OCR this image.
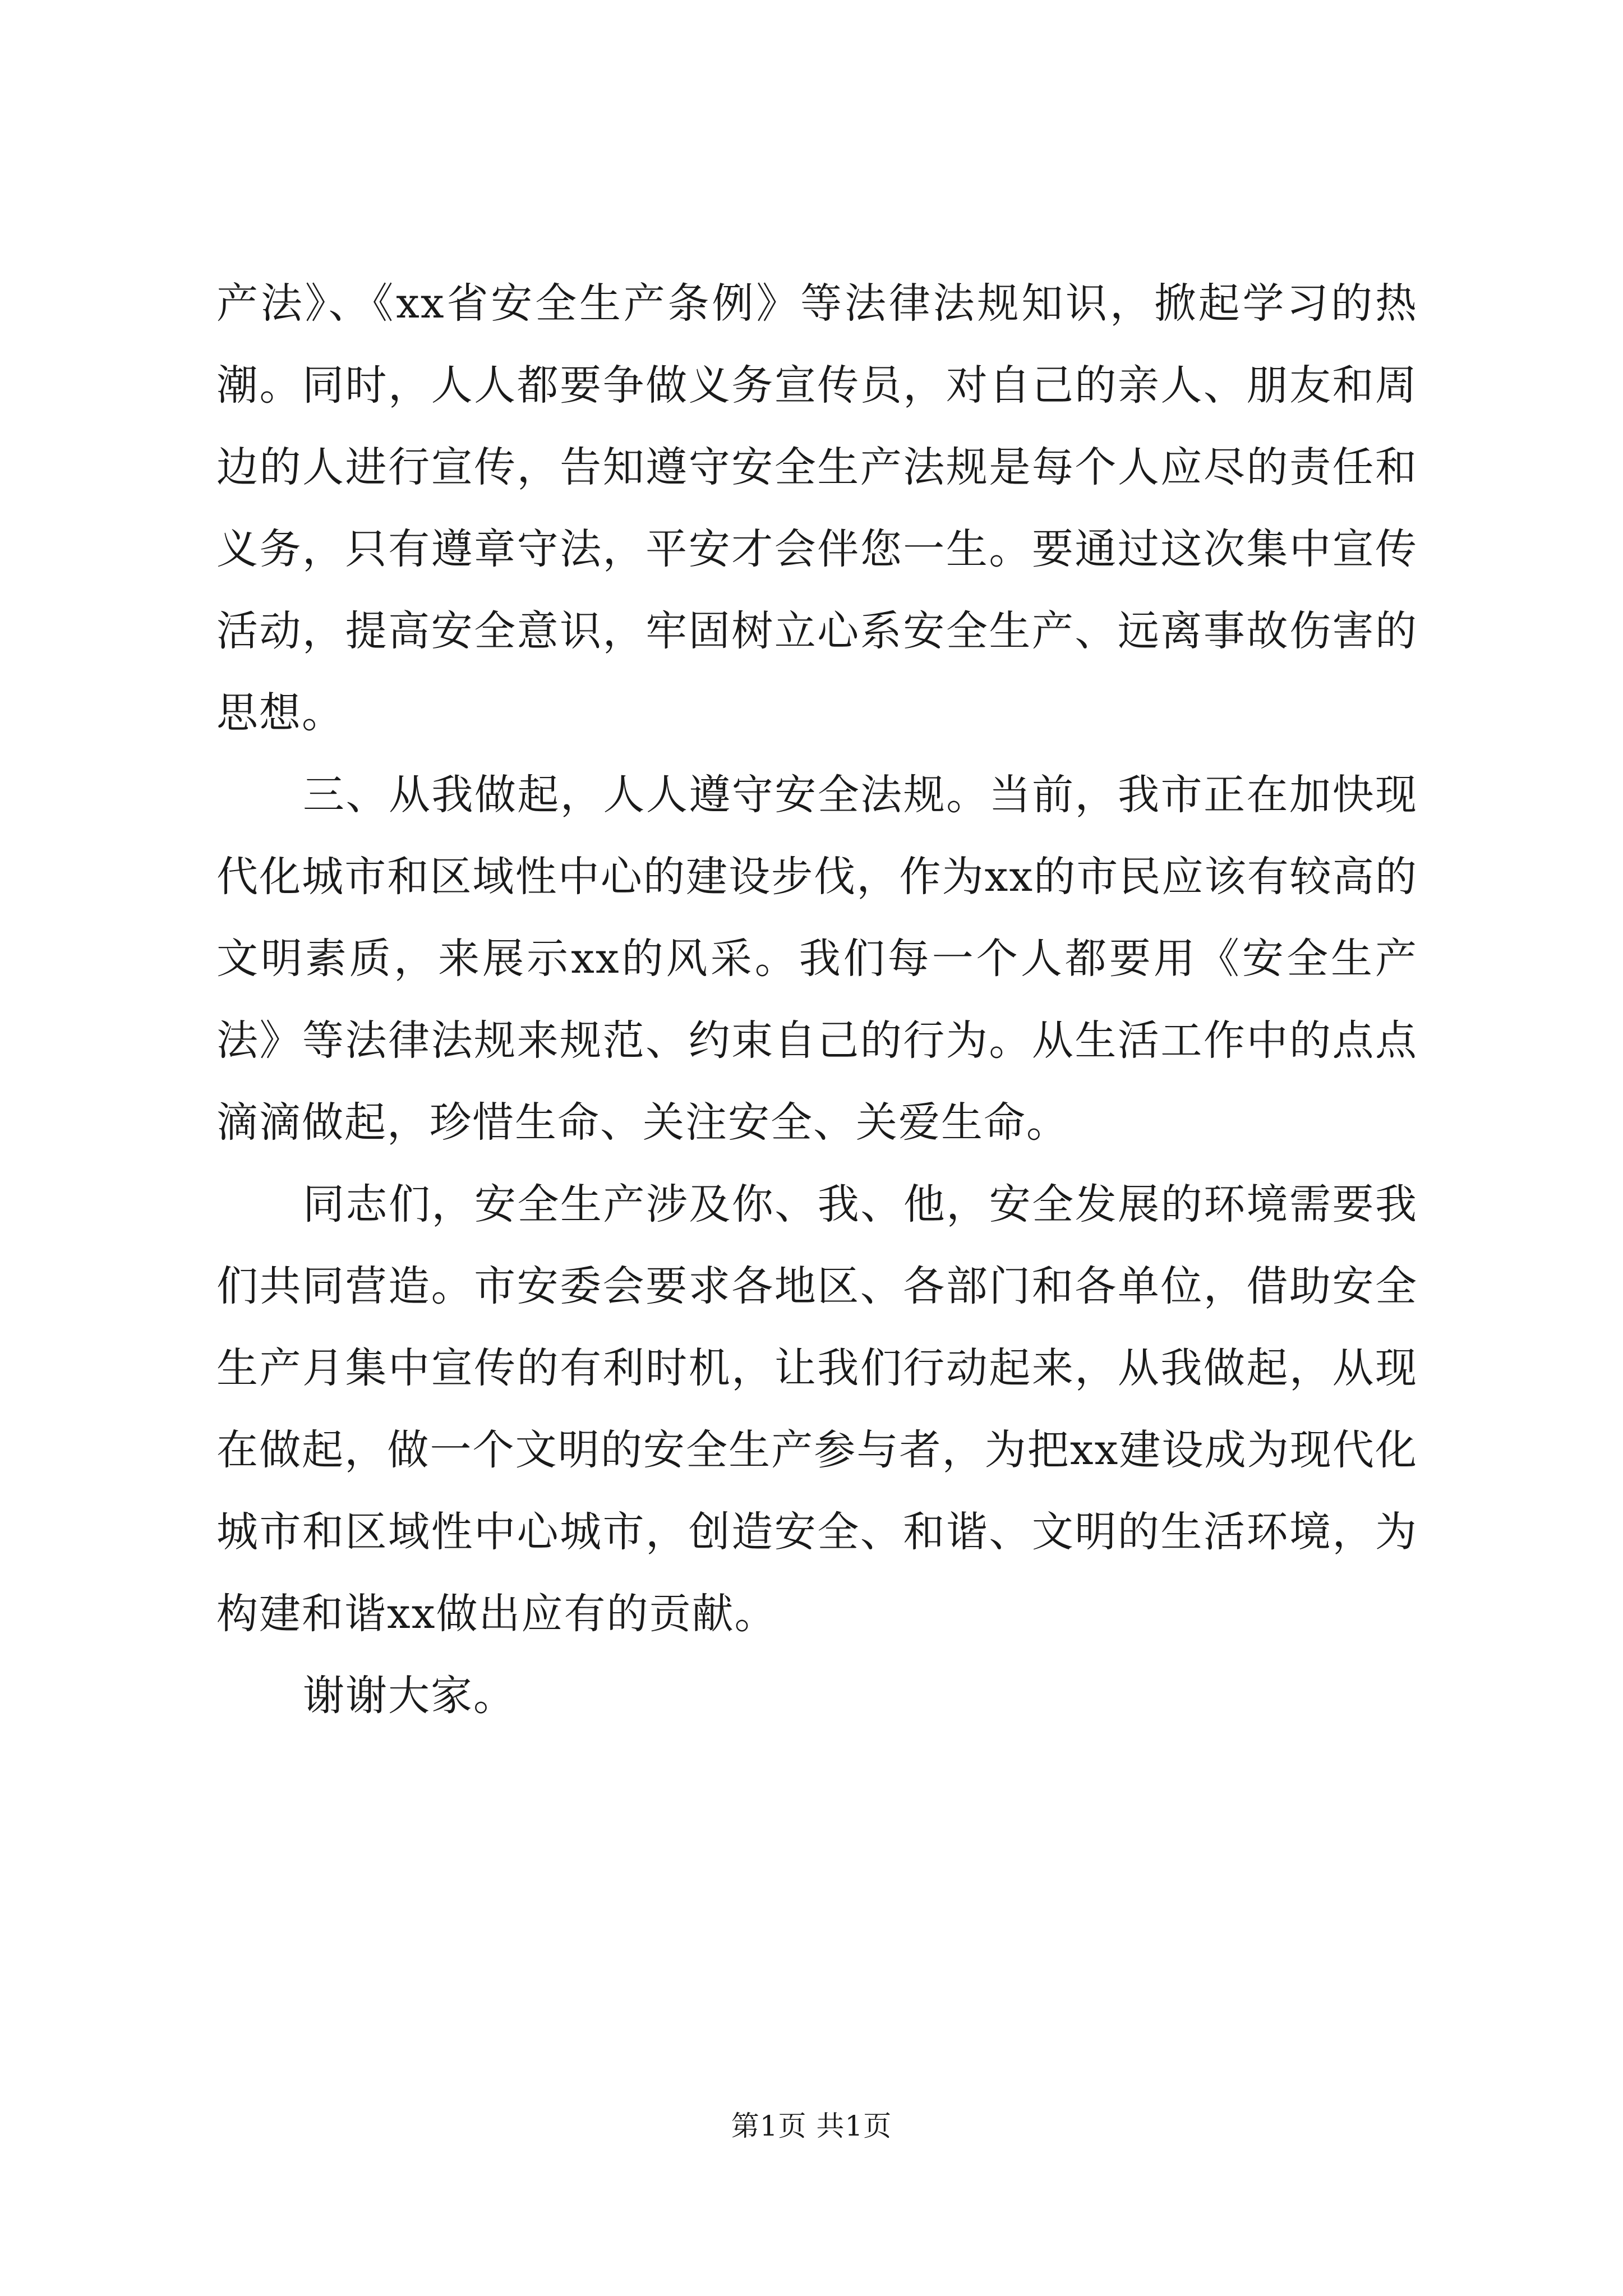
产法》、《xx省安全生产条例》等法律法规知识，掀起学习的热潮。同时，人人都要争做义务宣传员，对自己的亲人、朋友和周边的人进行宣传，告知遵守安全生产法规是每个人应尽的责任和义务，只有遵章守法，平安才会伴您一生。要通过这次集中宣传活动，提高安全意识，牢固树立心系安全生产、远离事故伤害的思想。

三、从我做起，人人遵守安全法规。当前，我市正在加快现代化城市和区域性中心的建设步伐，作为xx的市民应该有较高的文明素质，来展示xx的风采。我们每一个人都要用《安全生产法》等法律法规来规范、约束自己的行为。从生活工作中的点点滴滴做起，珍惜生命、关注安全、关爱生命。

同志们，安全生产涉及你、我、他，安全发展的环境需要我们共同营造。市安委会要求各地区、各部门和各单位，借助安全生产月集中宣传的有利时机，让我们行动起来，从我做起，从现在做起，做一个文明的安全生产参与者，为把xx建设成为现代化城市和区域性中心城市，创造安全、和谐、文明的生活环境，为构建和谐xx做出应有的贡献。

谢谢大家。

第1页 共1页
